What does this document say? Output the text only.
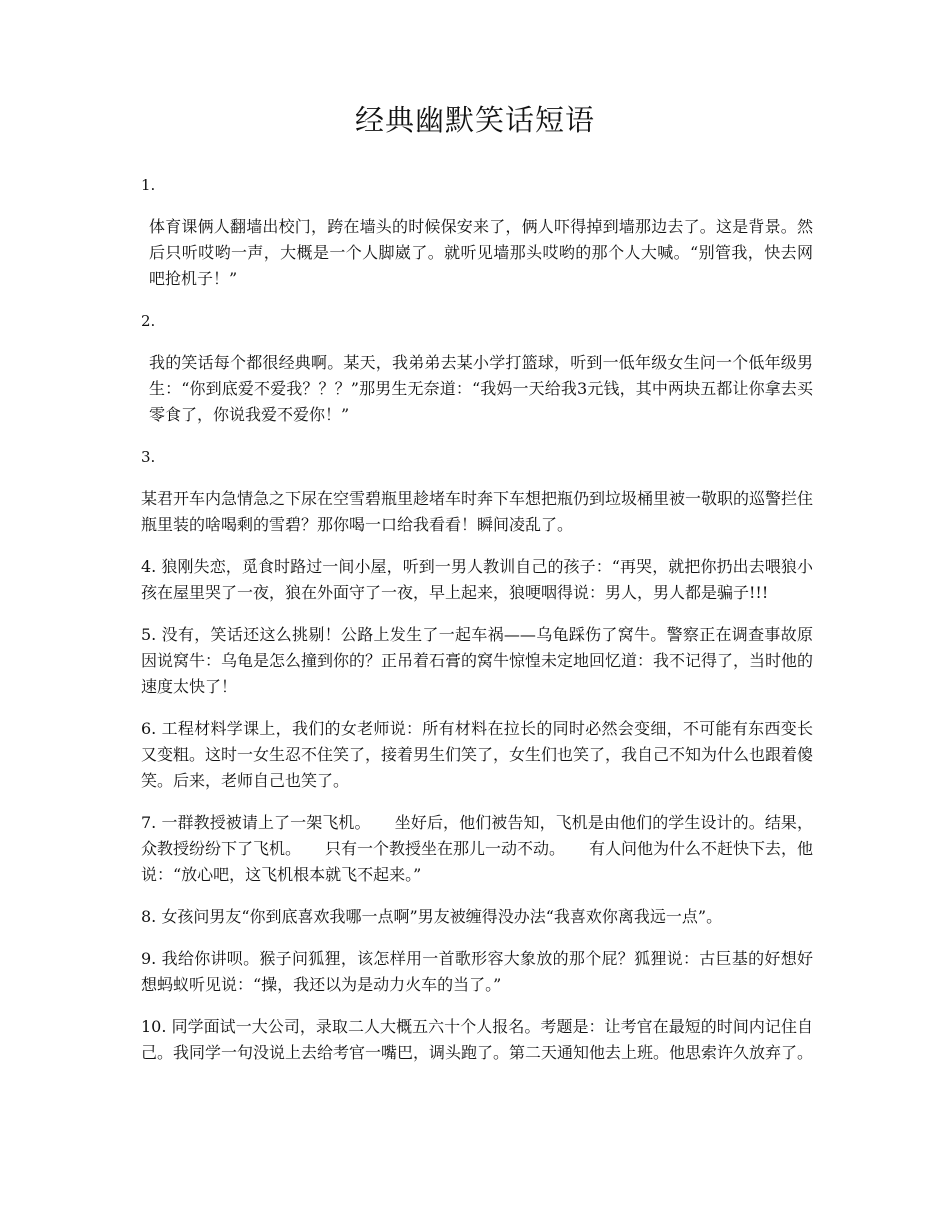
经典幽默笑话短语

1.

体育课俩人翻墙出校门，跨在墙头的时候保安来了，俩人吓得掉到墙那边去了。这是背景。然后只听哎哟一声，大概是一个人脚崴了。就听见墙那头哎哟的那个人大喊。“别管我，快去网吧抢机子！”

2.

我的笑话每个都很经典啊。某天，我弟弟去某小学打篮球，听到一低年级女生问一个低年级男生：“你到底爱不爱我？？？”那男生无奈道：“我妈一天给我3元钱，其中两块五都让你拿去买零食了，你说我爱不爱你！”

3.

某君开车内急情急之下尿在空雪碧瓶里趁堵车时奔下车想把瓶仍到垃圾桶里被一敬职的巡警拦住瓶里装的啥喝剩的雪碧？那你喝一口给我看看！瞬间凌乱了。

4. 狼刚失恋，觅食时路过一间小屋，听到一男人教训自己的孩子：“再哭，就把你扔出去喂狼小孩在屋里哭了一夜，狼在外面守了一夜，早上起来，狼哽咽得说：男人，男人都是骗子!!!

5. 没有，笑话还这么挑剔！公路上发生了一起车祸——乌龟踩伤了窝牛。警察正在调查事故原因说窝牛：乌龟是怎么撞到你的？正吊着石膏的窝牛惊惶未定地回忆道：我不记得了，当时他的速度太快了！

6. 工程材料学课上，我们的女老师说：所有材料在拉长的同时必然会变细，不可能有东西变长又变粗。这时一女生忍不住笑了，接着男生们笑了，女生们也笑了，我自己不知为什么也跟着傻笑。后来，老师自己也笑了。

7. 一群教授被请上了一架飞机。　　坐好后，他们被告知，飞机是由他们的学生设计的。结果，众教授纷纷下了飞机。　　只有一个教授坐在那儿一动不动。　　有人问他为什么不赶快下去，他说：“放心吧，这飞机根本就飞不起来。”

8. 女孩问男友“你到底喜欢我哪一点啊”男友被缠得没办法“我喜欢你离我远一点”。

9. 我给你讲呗。猴子问狐狸，该怎样用一首歌形容大象放的那个屁？狐狸说：古巨基的好想好想蚂蚁听见说：“操，我还以为是动力火车的当了。”

10. 同学面试一大公司，录取二人大概五六十个人报名。考题是：让考官在最短的时间内记住自己。我同学一句没说上去给考官一嘴巴，调头跑了。第二天通知他去上班。他思索许久放弃了。
